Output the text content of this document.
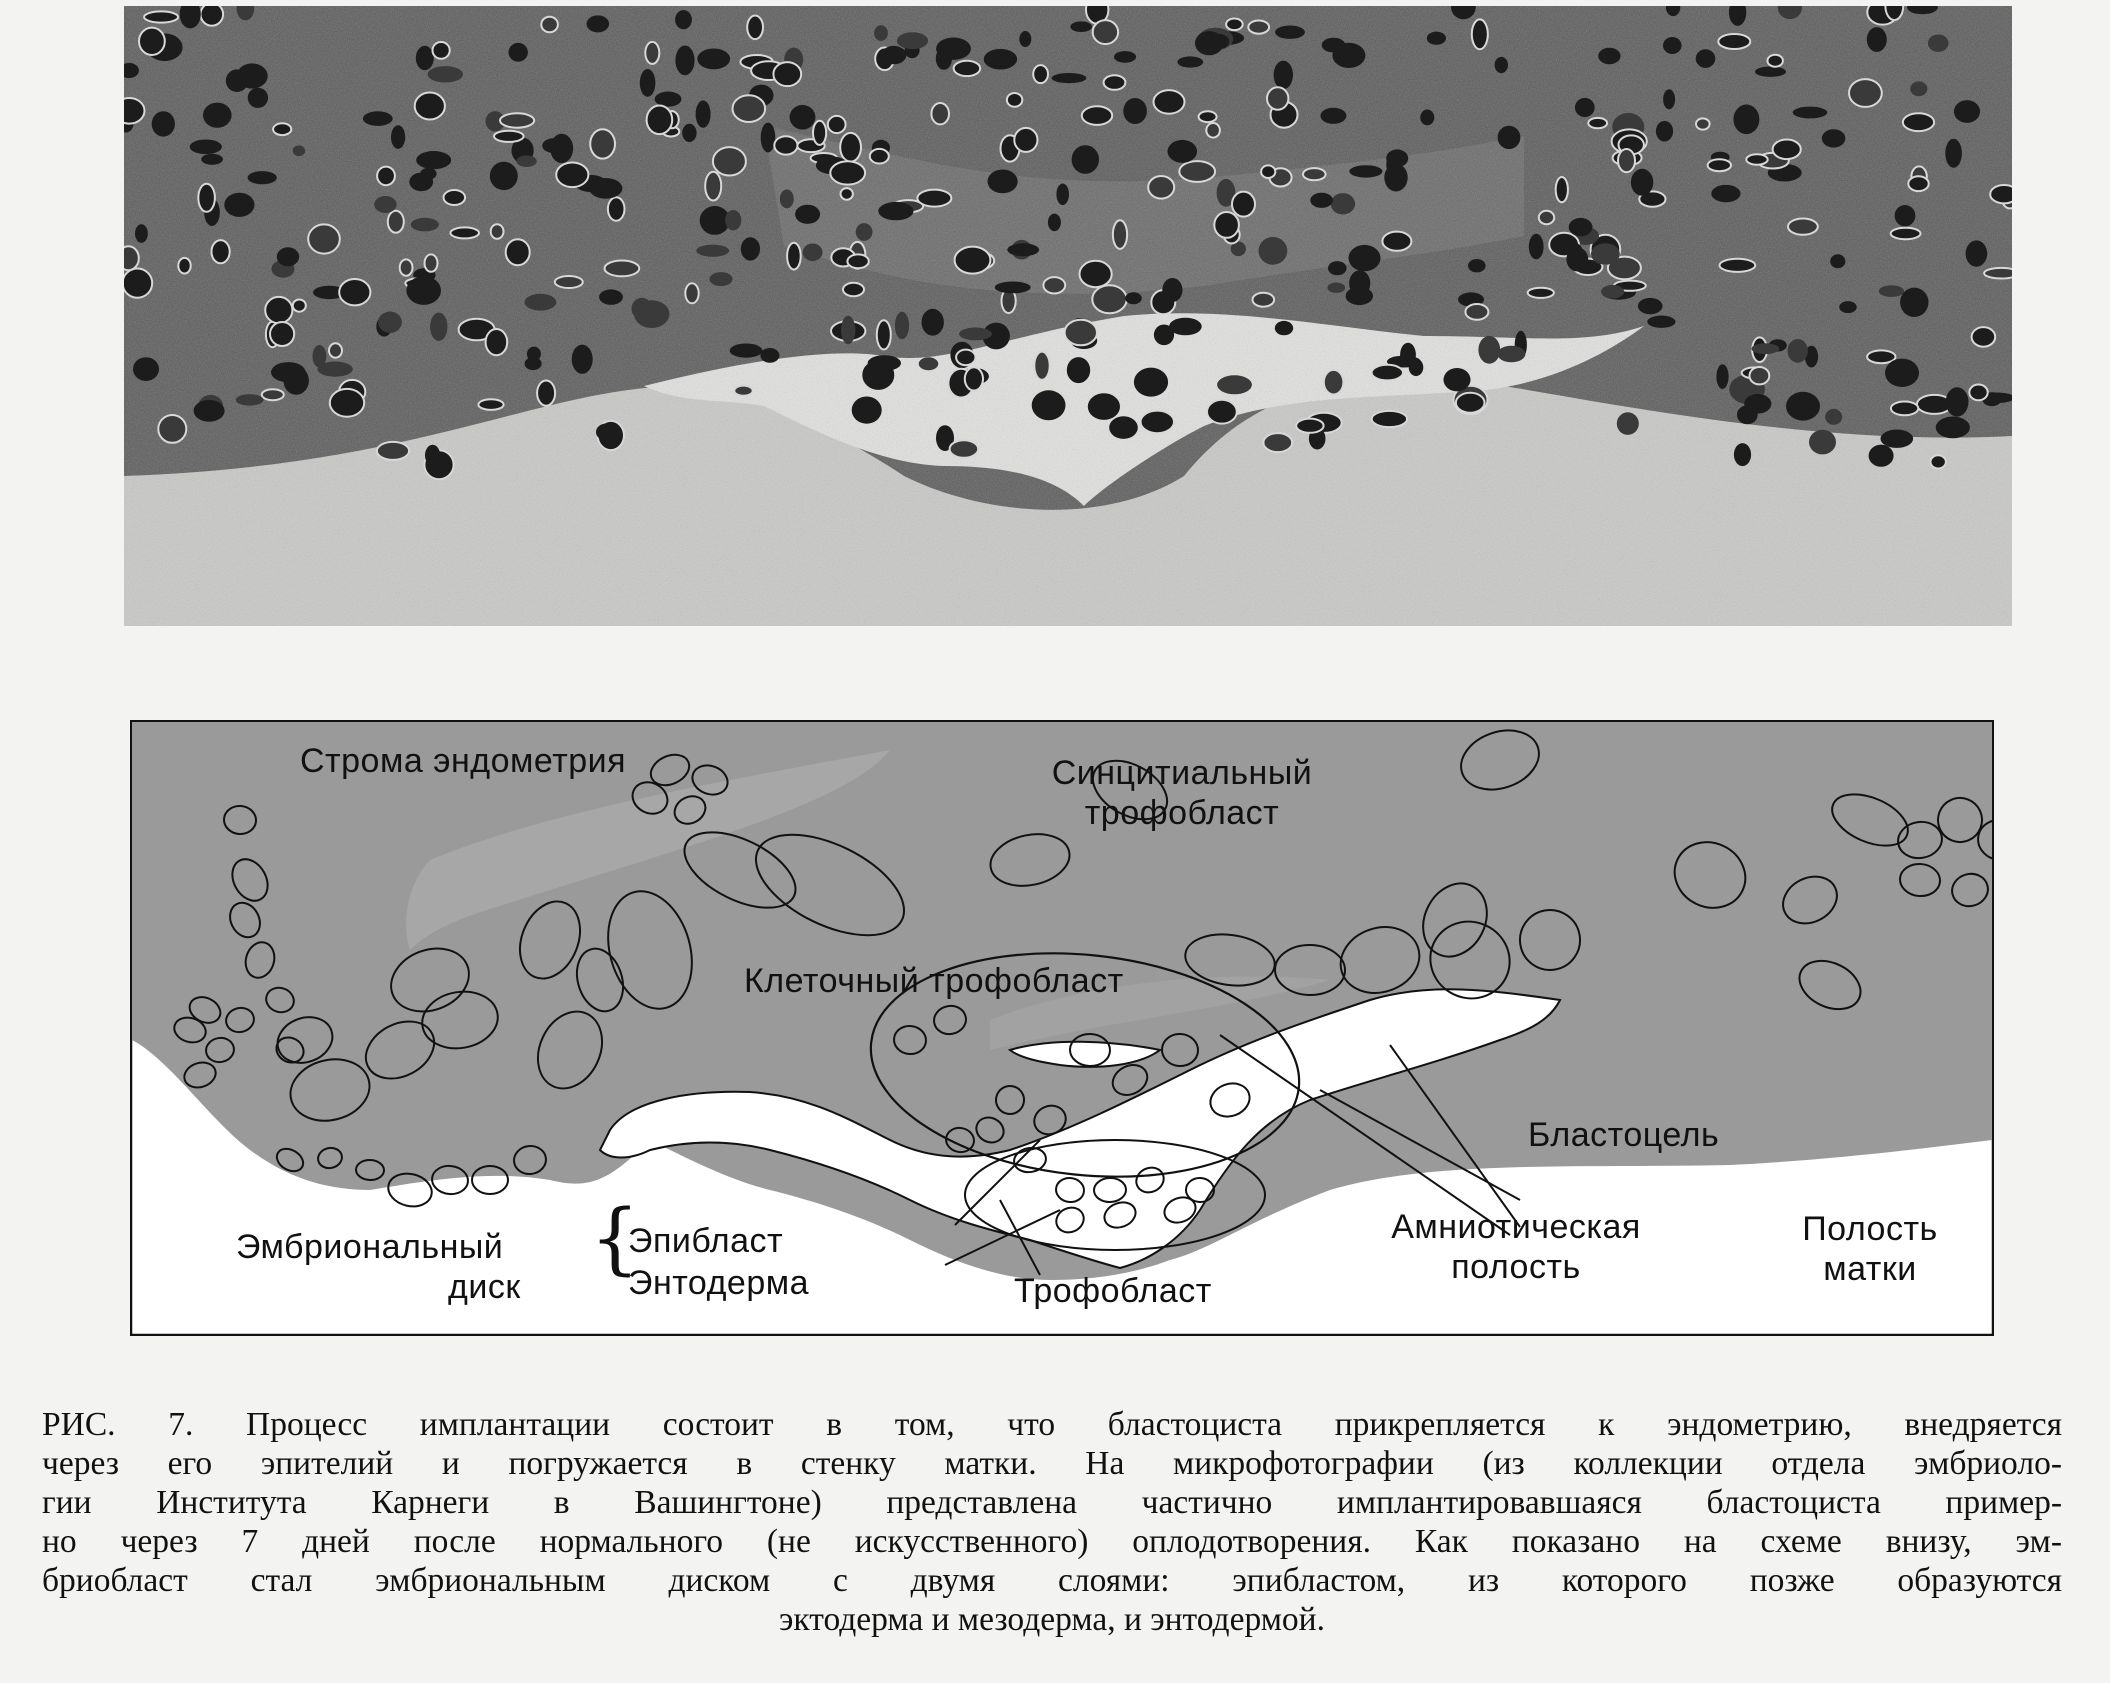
Строма эндометрия	Синцитиальный
трофобласт
Клеточный трофобласт
Бластоцель
Эмбриональный
диск
{
Эпибласт
Энтодерма	Трофобласт
Амниотическая
полость
Полость
матки
РИС. 7. Процесс имплантации состоит в том, что бластоциста прикрепляется к эндометрию, внедряется
через его эпителий и погружается в стенку матки. На микрофотографии (из коллекции отдела эмбриоло-
гии Института Карнеги в Вашингтоне) представлена частично имплантировавшаяся бластоциста пример-
но через 7 дней после нормального (не искусственного) оплодотворения. Как показано на схеме внизу, эм-
бриобласт стал эмбриональным диском с двумя слоями: эпибластом, из которого позже образуются
эктодерма и мезодерма, и энтодермой.
